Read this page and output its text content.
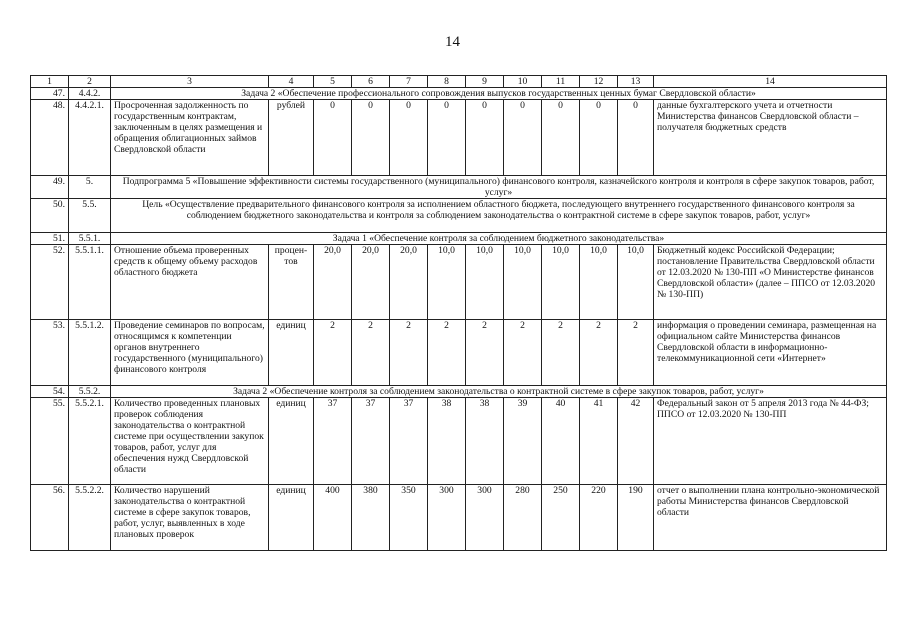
14
1	2	3	4	5	6	7	8	9	10	11	12	13	14
47.	4.4.2.	Задача 2 «Обеспечение профессионального сопровождения выпусков государственных ценных бумаг Свердловской области»											
48.	4.4.2.1.	Просроченная задолженность по государственным контрактам, заключенным в целях размещения и обращения облигационных займов Свердловской области	рублей	0	0	0	0	0	0	0	0	0	данные бухгалтерского учета и отчетности Министерства финансов Свердловской области – получателя бюджетных средств
49.	5.	Подпрограмма 5 «Повышение эффективности системы государственного (муниципального) финансового контроля, казначейского контроля и контроля в сфере закупок товаров, работ, услуг»											
50.	5.5.	Цель «Осуществление предварительного финансового контроля за исполнением областного бюджета, последующего внутреннего государственного финансового контроля за соблюдением бюджетного законодательства и контроля за соблюдением законодательства о контрактной системе в сфере закупок товаров, работ, услуг»											
51.	5.5.1.	Задача 1 «Обеспечение контроля за соблюдением бюджетного законодательства»											
52.	5.5.1.1.	Отношение объема проверенных средств к общему объему расходов областного бюджета	процен-тов	20,0	20,0	20,0	10,0	10,0	10,0	10,0	10,0	10,0	Бюджетный кодекс Российской Федерации; постановление Правительства Свердловской области от 12.03.2020 № 130-ПП «О Министерстве финансов Свердловской области» (далее – ППСО от 12.03.2020 № 130-ПП)
53.	5.5.1.2.	Проведение семинаров по вопросам, относящимся к компетенции органов внутреннего государственного (муниципального) финансового контроля	единиц	2	2	2	2	2	2	2	2	2	информация о проведении семинара, размещенная на официальном сайте Министерства финансов Свердловской области в информационно-телекоммуникационной сети «Интернет»
54.	5.5.2.	Задача 2 «Обеспечение контроля за соблюдением законодательства о контрактной системе в сфере закупок товаров, работ, услуг»											
55.	5.5.2.1.	Количество проведенных плановых проверок соблюдения законодательства о контрактной системе при осуществлении закупок товаров, работ, услуг для обеспечения нужд Свердловской области	единиц	37	37	37	38	38	39	40	41	42	Федеральный закон от 5 апреля 2013 года № 44-ФЗ; ППСО от 12.03.2020 № 130-ПП
56.	5.5.2.2.	Количество нарушений законодательства о контрактной системе в сфере закупок товаров, работ, услуг, выявленных в ходе плановых проверок	единиц	400	380	350	300	300	280	250	220	190	отчет о выполнении плана контрольно-экономической работы Министерства финансов Свердловской области
